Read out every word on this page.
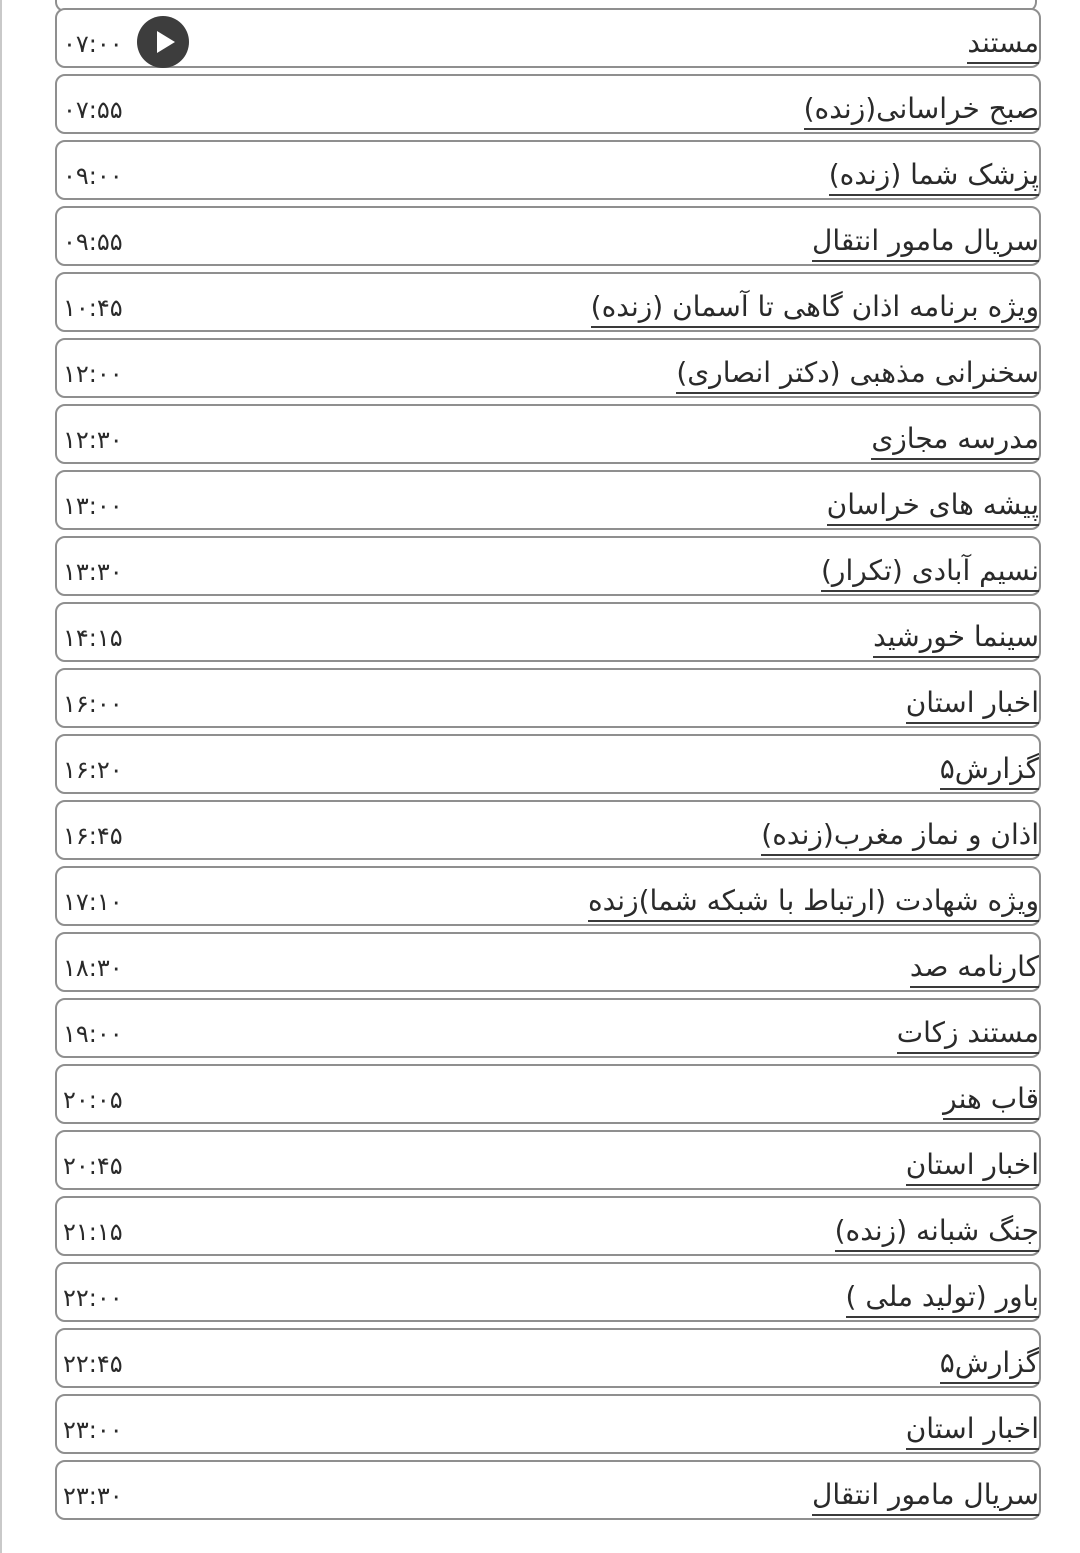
مستند
۰۷:۰۰
صبح خراسانی(زنده)
۰۷:۵۵
پزشک شما (زنده)
۰۹:۰۰
سریال مامور انتقال
۰۹:۵۵
ویژه برنامه اذان گاهی تا آسمان (زنده)
۱۰:۴۵
سخنرانی مذهبی (دکتر انصاری)
۱۲:۰۰
مدرسه مجازی
۱۲:۳۰
پیشه های خراسان
۱۳:۰۰
نسیم آبادی (تکرار)
۱۳:۳۰
سینما خورشید
۱۴:۱۵
اخبار استان
۱۶:۰۰
گزارش۵
۱۶:۲۰
اذان و نماز مغرب(زنده)
۱۶:۴۵
ویژه شهادت (ارتباط با شبکه شما)زنده
۱۷:۱۰
کارنامه صد
۱۸:۳۰
مستند زکات
۱۹:۰۰
قاب هنر
۲۰:۰۵
اخبار استان
۲۰:۴۵
جنگ شبانه (زنده)
۲۱:۱۵
باور (تولید ملی )
۲۲:۰۰
گزارش۵
۲۲:۴۵
اخبار استان
۲۳:۰۰
سریال مامور انتقال
۲۳:۳۰
